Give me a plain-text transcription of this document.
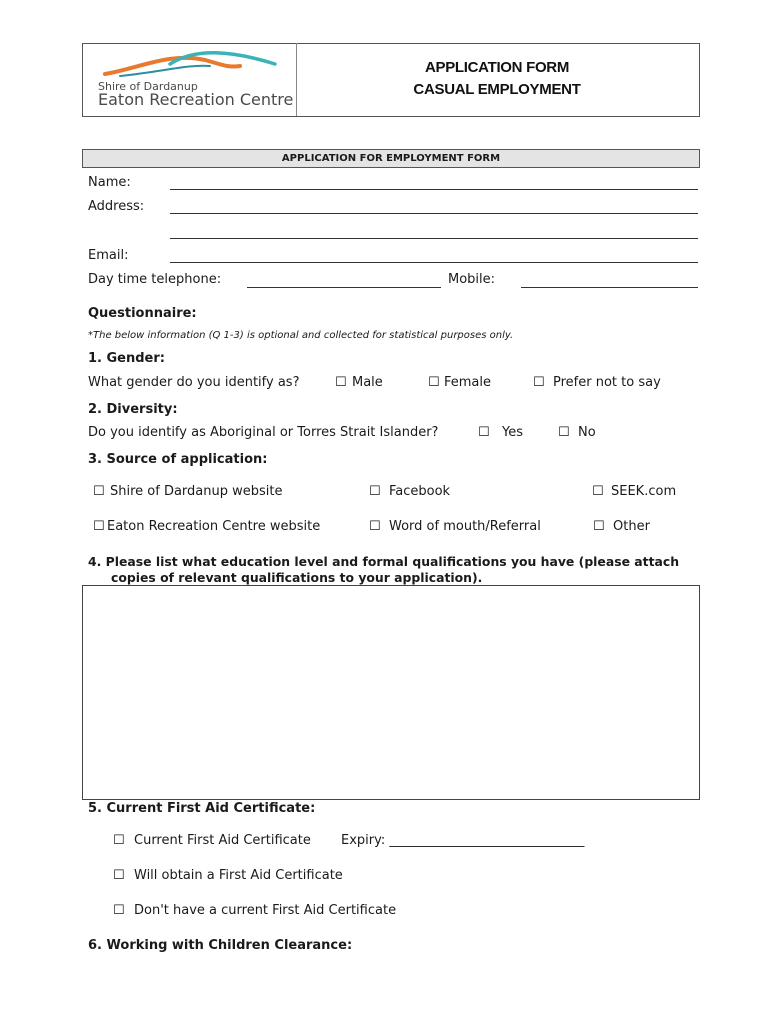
Shire of Dardanup
Eaton Recreation Centre
APPLICATION FORM
CASUAL EMPLOYMENT
APPLICATION FOR EMPLOYMENT FORM
Name:
Address:
Email:
Day time telephone:	Mobile:
Questionnaire:
*The below information (Q 1-3) is optional and collected for statistical purposes only.
1. Gender:
What gender do you identify as?	☐ Male	☐ Female	☐ Prefer not to say
2. Diversity:
Do you identify as Aboriginal or Torres Strait Islander?	☐ Yes	☐ No
3. Source of application:
☐ Shire of Dardanup website	☐ Facebook	☐ SEEK.com
☐ Eaton Recreation Centre website	☐ Word of mouth/Referral	☐ Other
4. Please list what education level and formal qualifications you have (please attach
copies of relevant qualifications to your application).
5. Current First Aid Certificate:
☐ Current First Aid Certificate Expiry: ______________________________
☐ Will obtain a First Aid Certificate
☐ Don't have a current First Aid Certificate
6. Working with Children Clearance:
